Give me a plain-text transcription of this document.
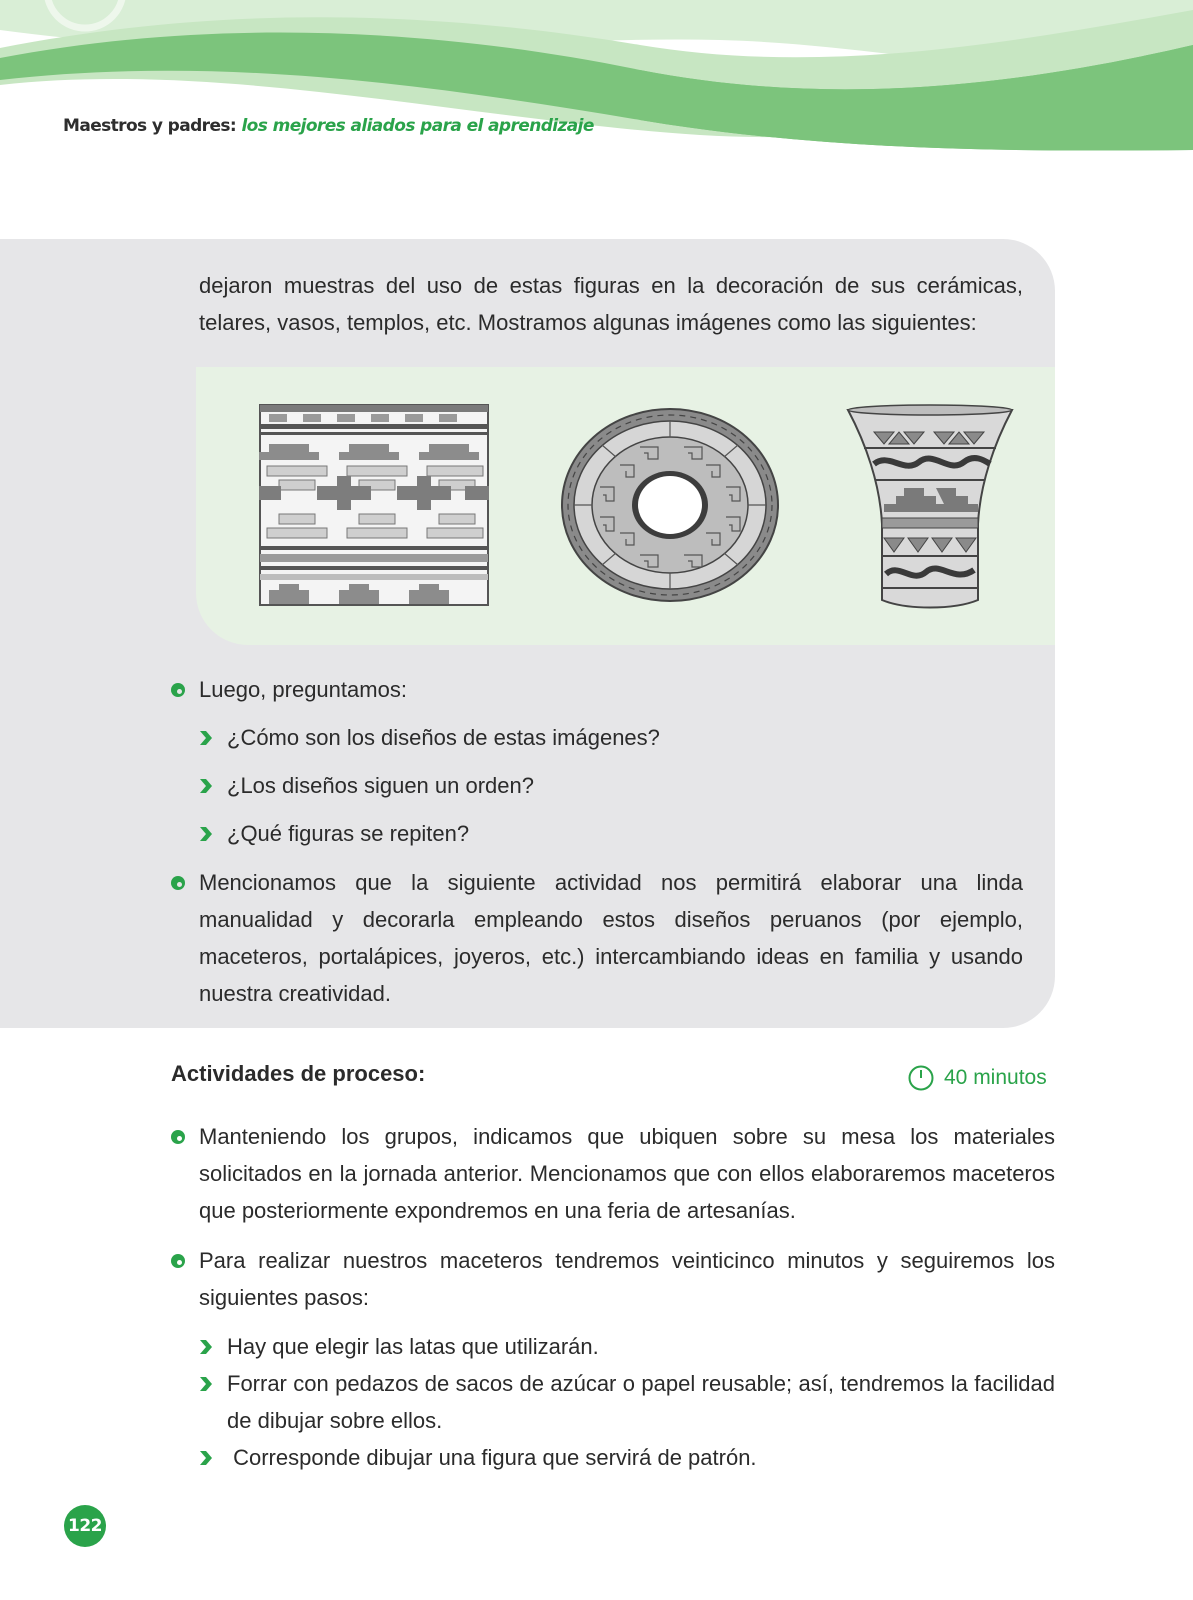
Maestros y padres: los mejores aliados para el aprendizaje

dejaron muestras del uso de estas figuras en la decoración de sus cerámicas, telares, vasos, templos, etc. Mostramos algunas imágenes como las siguientes:

Luego, preguntamos:
¿Cómo son los diseños de estas imágenes?
¿Los diseños siguen un orden?
¿Qué figuras se repiten?

Mencionamos que la siguiente actividad nos permitirá elaborar una linda manualidad y decorarla empleando estos diseños peruanos (por ejemplo, maceteros, portalápices, joyeros, etc.) intercambiando ideas en familia y usando nuestra creatividad.

Actividades de proceso:	40 minutos

Manteniendo los grupos, indicamos que ubiquen sobre su mesa los materiales solicitados en la jornada anterior. Mencionamos que con ellos elaboraremos maceteros que posteriormente expondremos en una feria de artesanías.

Para realizar nuestros maceteros tendremos veinticinco minutos y seguiremos los siguientes pasos:

Hay que elegir las latas que utilizarán.

Forrar con pedazos de sacos de azúcar o papel reusable; así, tendremos la facilidad de dibujar sobre ellos.

Corresponde dibujar una figura que servirá de patrón.
122
